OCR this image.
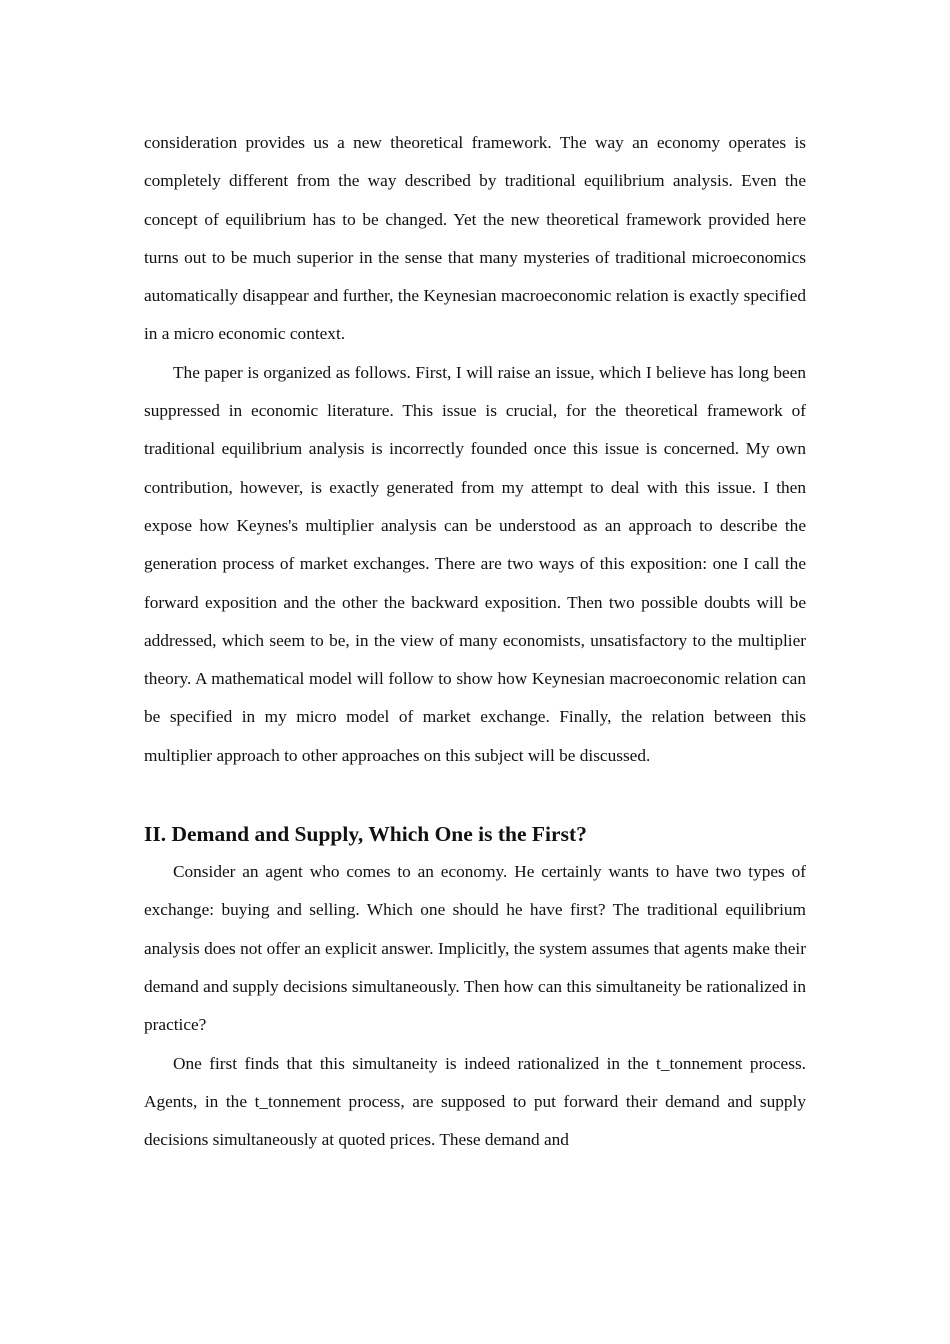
consideration provides us a new theoretical framework. The way an economy operates is completely different from the way described by traditional equilibrium analysis. Even the concept of equilibrium has to be changed. Yet the new theoretical framework provided here turns out to be much superior in the sense that many mysteries of traditional microeconomics automatically disappear and further, the Keynesian macroeconomic relation is exactly specified in a micro economic context.

The paper is organized as follows. First, I will raise an issue, which I believe has long been suppressed in economic literature. This issue is crucial, for the theoretical framework of traditional equilibrium analysis is incorrectly founded once this issue is concerned. My own contribution, however, is exactly generated from my attempt to deal with this issue. I then expose how Keynes's multiplier analysis can be understood as an approach to describe the generation process of market exchanges. There are two ways of this exposition: one I call the forward exposition and the other the backward exposition. Then two possible doubts will be addressed, which seem to be, in the view of many economists, unsatisfactory to the multiplier theory. A mathematical model will follow to show how Keynesian macroeconomic relation can be specified in my micro model of market exchange. Finally, the relation between this multiplier approach to other approaches on this subject will be discussed.

II. Demand and Supply, Which One is the First?

Consider an agent who comes to an economy. He certainly wants to have two types of exchange: buying and selling. Which one should he have first? The traditional equilibrium analysis does not offer an explicit answer. Implicitly, the system assumes that agents make their demand and supply decisions simultaneously. Then how can this simultaneity be rationalized in practice?

One first finds that this simultaneity is indeed rationalized in the t_tonnement process. Agents, in the t_tonnement process, are supposed to put forward their demand and supply decisions simultaneously at quoted prices. These demand and
